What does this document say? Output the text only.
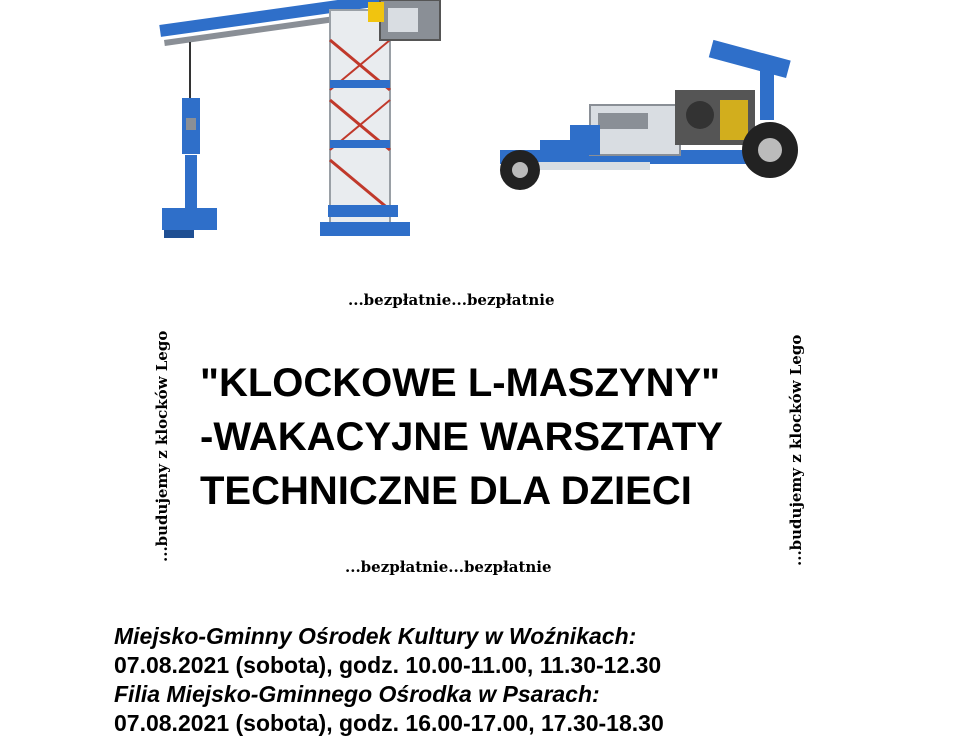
...bezpłatnie...bezpłatnie
...budujemy z klocków Lego	...budujemy z klocków Lego
"KLOCKOWE L-MASZYNY"
-WAKACYJNE WARSZTATY
TECHNICZNE DLA DZIECI
...bezpłatnie...bezpłatnie
Miejsko-Gminny Ośrodek Kultury w Woźnikach:
07.08.2021 (sobota), godz. 10.00-11.00, 11.30-12.30
Filia Miejsko-Gminnego Ośrodka w Psarach:
07.08.2021 (sobota), godz. 16.00-17.00, 17.30-18.30
